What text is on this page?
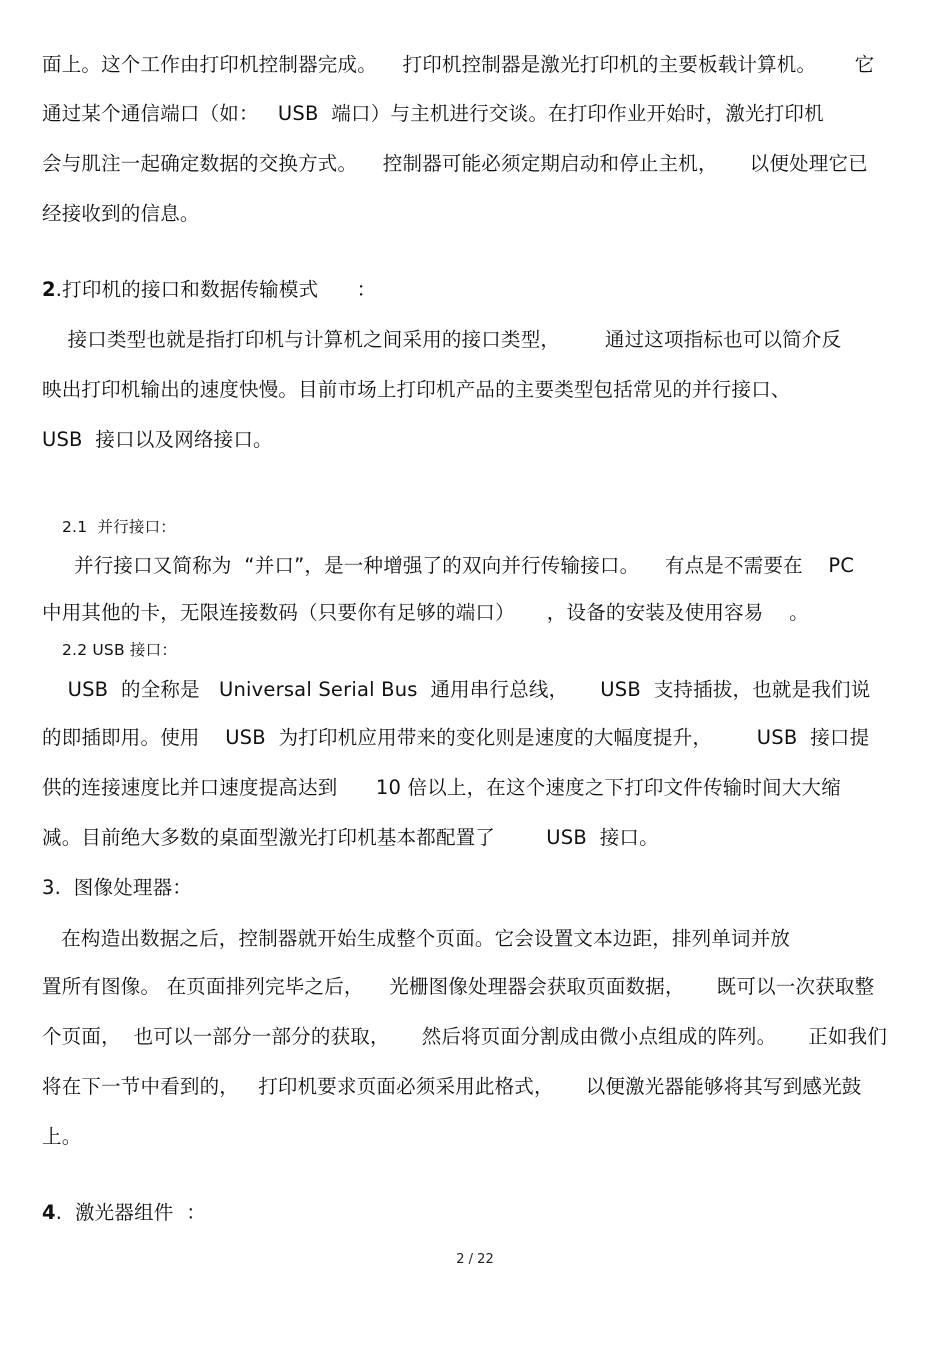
面上。这个工作由打印机控制器完成。    打印机控制器是激光打印机的主要板载计算机。      它
通过某个通信端口（如：   USB  端口）与主机进行交谈。在打印作业开始时，激光打印机
会与肌注一起确定数据的交换方式。    控制器可能必须定期启动和停止主机，     以便处理它已
经接收到的信息。
2.打印机的接口和数据传输模式      ：
接口类型也就是指打印机与计算机之间采用的接口类型，       通过这项指标也可以简介反
映出打印机输出的速度快慢。目前市场上打印机产品的主要类型包括常见的并行接口、
USB  接口以及网络接口。
2.1  并行接口：
并行接口又简称为  “并口”，是一种增强了的双向并行传输接口。    有点是不需要在    PC
中用其他的卡，无限连接数码（只要你有足够的端口）     ，设备的安装及使用容易    。
2.2 USB 接口：
USB  的全称是   Universal Serial Bus  通用串行总线，     USB  支持插拔，也就是我们说
的即插即用。使用    USB  为打印机应用带来的变化则是速度的大幅度提升，       USB  接口提
供的连接速度比并口速度提高达到      10 倍以上，在这个速度之下打印文件传输时间大大缩
减。目前绝大多数的桌面型激光打印机基本都配置了        USB  接口。
3.  图像处理器：
在构造出数据之后，控制器就开始生成整个页面。它会设置文本边距，排列单词并放
置所有图像。 在页面排列完毕之后，    光栅图像处理器会获取页面数据，     既可以一次获取整
个页面，  也可以一部分一部分的获取，     然后将页面分割成由微小点组成的阵列。     正如我们
将在下一节中看到的，   打印机要求页面必须采用此格式，     以便激光器能够将其写到感光鼓
上。
4.  激光器组件  ：
2 / 22
